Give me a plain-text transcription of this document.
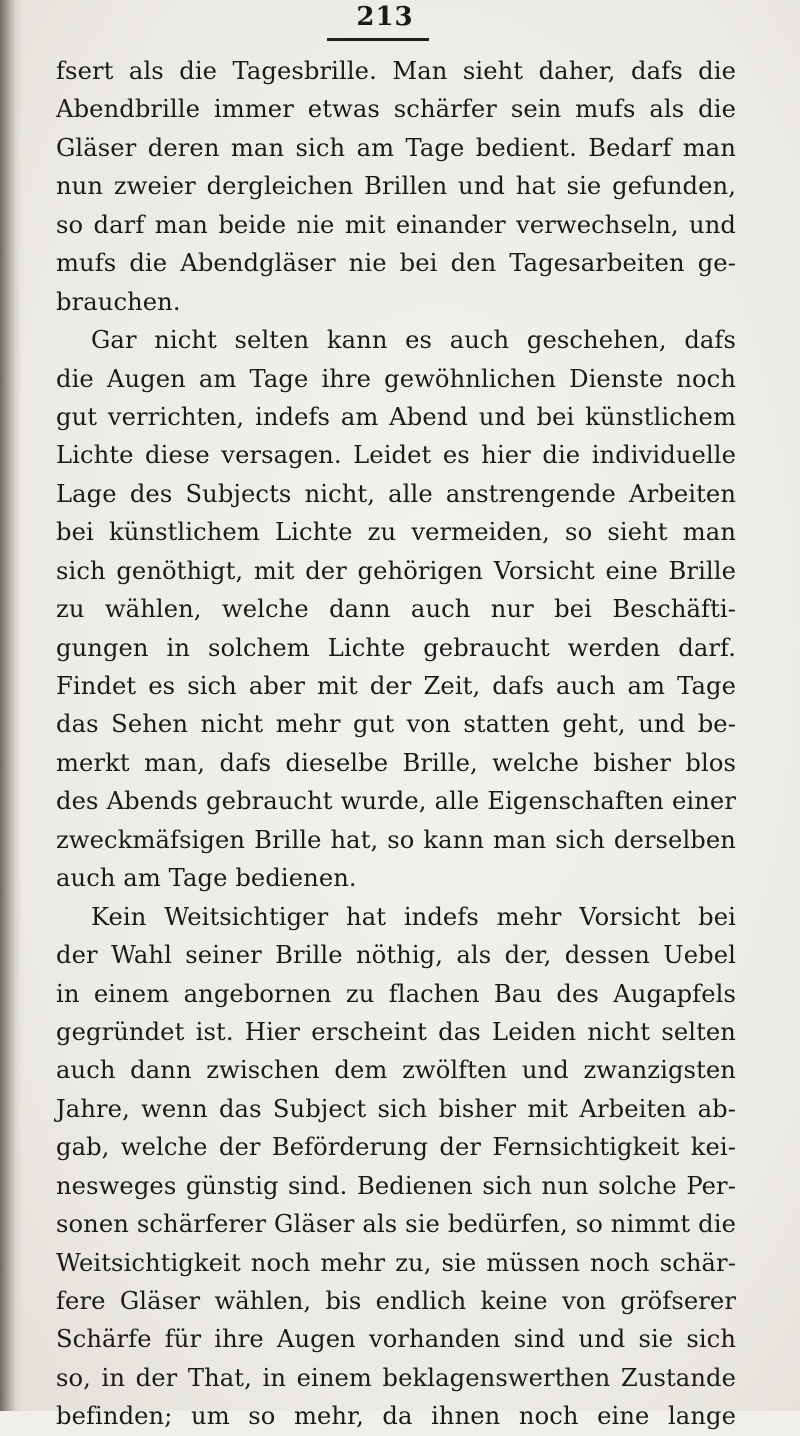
213
fsert als die Tagesbrille. Man sieht daher, dafs die
Abendbrille immer etwas schärfer sein mufs als die
Gläser deren man sich am Tage bedient. Bedarf man
nun zweier dergleichen Brillen und hat sie gefunden,
so darf man beide nie mit einander verwechseln, und
mufs die Abendgläser nie bei den Tagesarbeiten ge-
brauchen.
Gar nicht selten kann es auch geschehen, dafs
die Augen am Tage ihre gewöhnlichen Dienste noch
gut verrichten, indefs am Abend und bei künstlichem
Lichte diese versagen. Leidet es hier die individuelle
Lage des Subjects nicht, alle anstrengende Arbeiten
bei künstlichem Lichte zu vermeiden, so sieht man
sich genöthigt, mit der gehörigen Vorsicht eine Brille
zu wählen, welche dann auch nur bei Beschäfti-
gungen in solchem Lichte gebraucht werden darf.
Findet es sich aber mit der Zeit, dafs auch am Tage
das Sehen nicht mehr gut von statten geht, und be-
merkt man, dafs dieselbe Brille, welche bisher blos
des Abends gebraucht wurde, alle Eigenschaften einer
zweckmäfsigen Brille hat, so kann man sich derselben
auch am Tage bedienen.
Kein Weitsichtiger hat indefs mehr Vorsicht bei
der Wahl seiner Brille nöthig, als der, dessen Uebel
in einem angebornen zu flachen Bau des Augapfels
gegründet ist. Hier erscheint das Leiden nicht selten
auch dann zwischen dem zwölften und zwanzigsten
Jahre, wenn das Subject sich bisher mit Arbeiten ab-
gab, welche der Beförderung der Fernsichtigkeit kei-
nesweges günstig sind. Bedienen sich nun solche Per-
sonen schärferer Gläser als sie bedürfen, so nimmt die
Weitsichtigkeit noch mehr zu, sie müssen noch schär-
fere Gläser wählen, bis endlich keine von gröfserer
Schärfe für ihre Augen vorhanden sind und sie sich
so, in der That, in einem beklagenswerthen Zustande
befinden; um so mehr, da ihnen noch eine lange
